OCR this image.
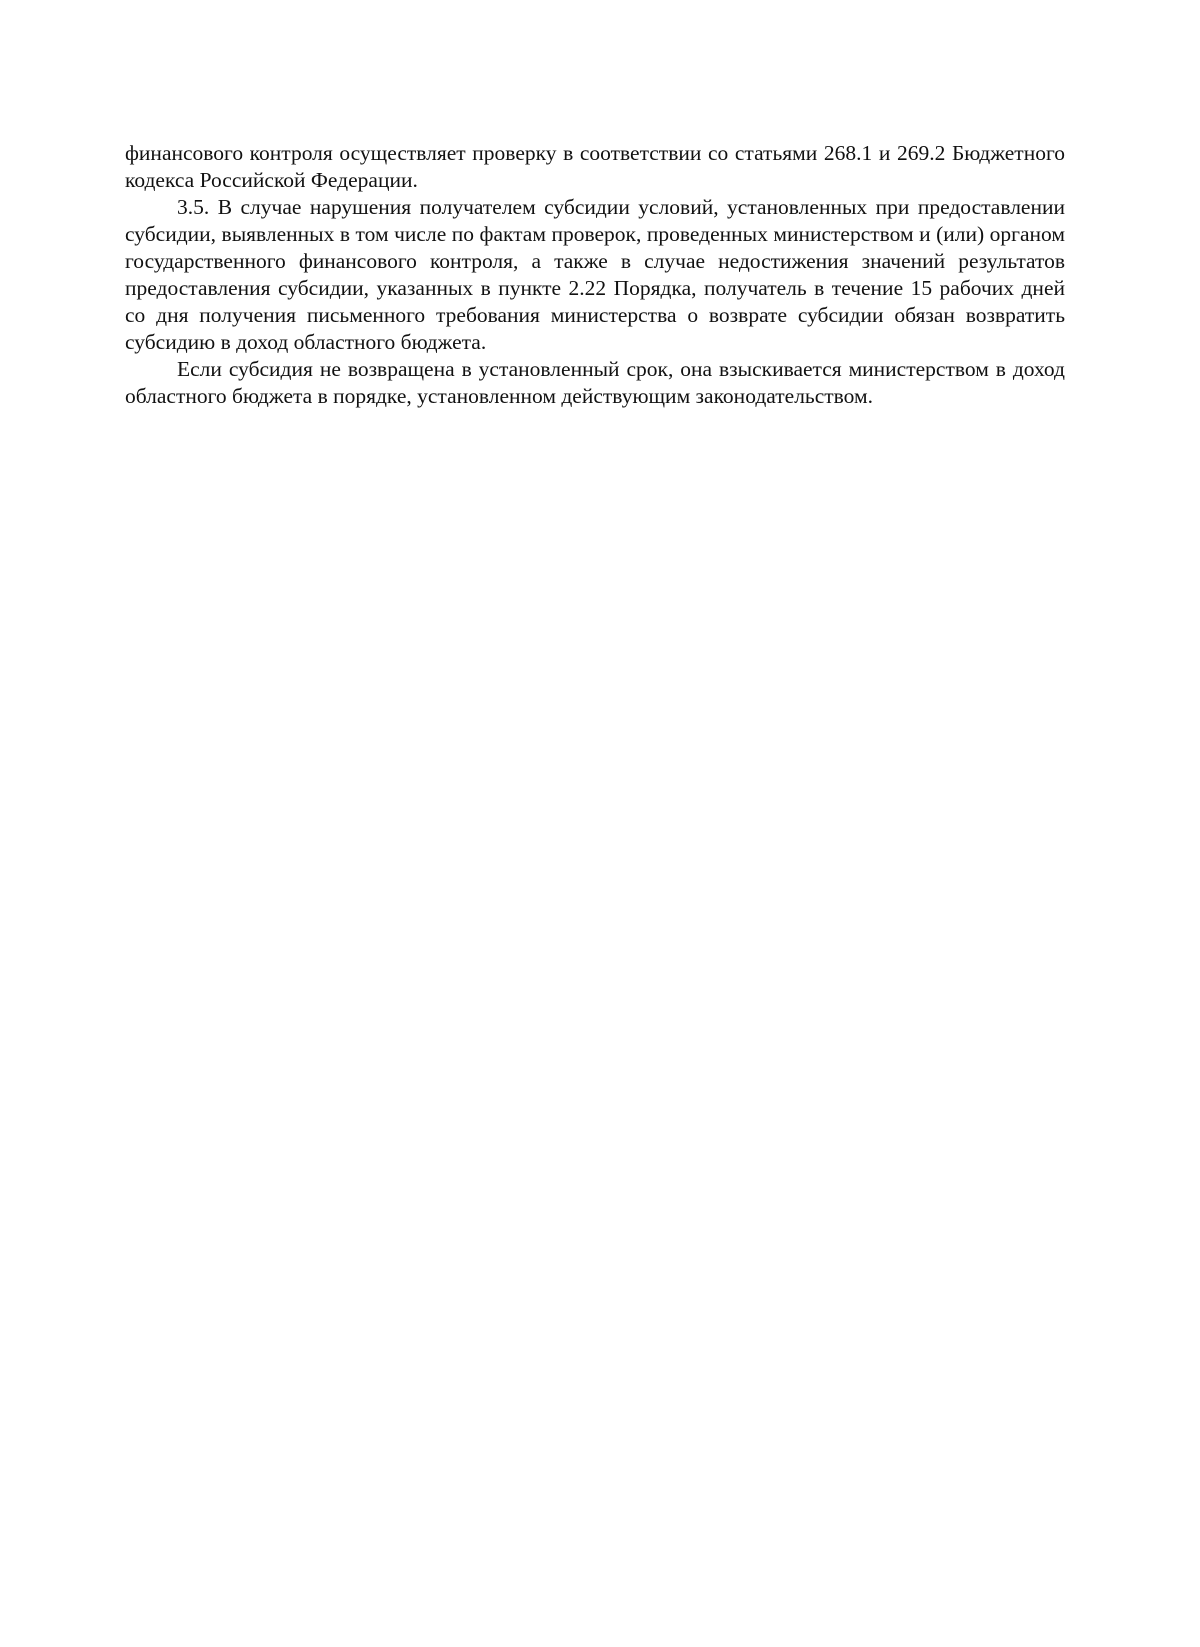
финансового контроля осуществляет проверку в соответствии со статьями 268.1 и 269.2 Бюджетного кодекса Российской Федерации.

3.5. В случае нарушения получателем субсидии условий, установленных при предоставлении субсидии, выявленных в том числе по фактам проверок, проведенных министерством и (или) органом государственного финансового контроля, а также в случае недостижения значений результатов предоставления субсидии, указанных в пункте 2.22 Порядка, получатель в течение 15 рабочих дней со дня получения письменного требования министерства о возврате субсидии обязан возвратить субсидию в доход областного бюджета.

Если субсидия не возвращена в установленный срок, она взыскивается министерством в доход областного бюджета в порядке, установленном действующим законодательством.
